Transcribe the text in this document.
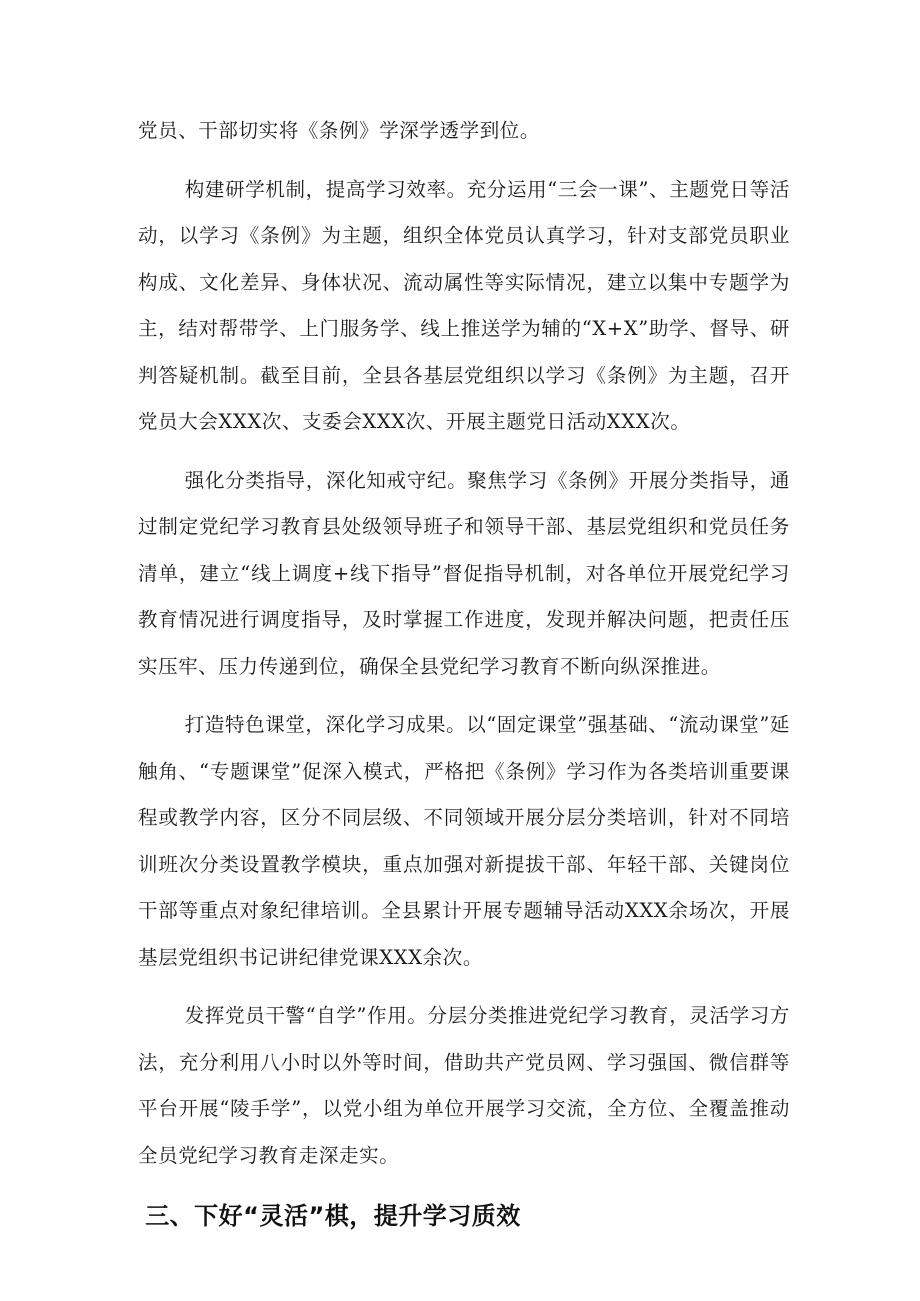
党员、干部切实将《条例》学深学透学到位。

构建研学机制，提高学习效率。充分运用“三会一课”、主题党日等活动，以学习《条例》为主题，组织全体党员认真学习，针对支部党员职业构成、文化差异、身体状况、流动属性等实际情况，建立以集中专题学为主，结对帮带学、上门服务学、线上推送学为辅的“X+X”助学、督导、研判答疑机制。截至目前，全县各基层党组织以学习《条例》为主题，召开党员大会XXX次、支委会XXX次、开展主题党日活动XXX次。

强化分类指导，深化知戒守纪。聚焦学习《条例》开展分类指导，通过制定党纪学习教育县处级领导班子和领导干部、基层党组织和党员任务清单，建立“线上调度+线下指导”督促指导机制，对各单位开展党纪学习教育情况进行调度指导，及时掌握工作进度，发现并解决问题，把责任压实压牢、压力传递到位，确保全县党纪学习教育不断向纵深推进。

打造特色课堂，深化学习成果。以“固定课堂”强基础、“流动课堂”延触角、“专题课堂”促深入模式，严格把《条例》学习作为各类培训重要课程或教学内容，区分不同层级、不同领域开展分层分类培训，针对不同培训班次分类设置教学模块，重点加强对新提拔干部、年轻干部、关键岗位干部等重点对象纪律培训。全县累计开展专题辅导活动XXX余场次，开展基层党组织书记讲纪律党课XXX余次。

发挥党员干警“自学”作用。分层分类推进党纪学习教育，灵活学习方法，充分利用八小时以外等时间，借助共产党员网、学习强国、微信群等平台开展“陵手学”，以党小组为单位开展学习交流，全方位、全覆盖推动全员党纪学习教育走深走实。

三、下好“灵活”棋，提升学习质效
